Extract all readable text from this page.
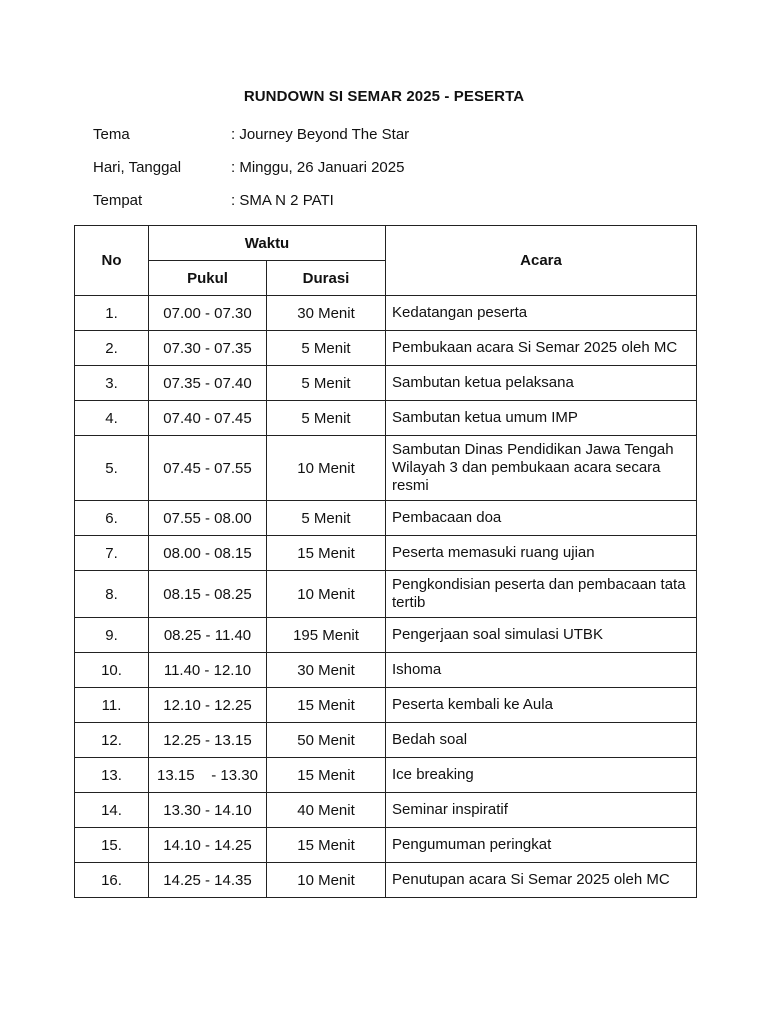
RUNDOWN SI SEMAR 2025 - PESERTA
Tema	: Journey Beyond The Star
Hari, Tanggal	: Minggu, 26 Januari 2025
Tempat	: SMA N 2 PATI
No	Waktu		Acara
	Pukul	Durasi	
1.	07.00 - 07.30	30 Menit	Kedatangan peserta
2.	07.30 - 07.35	5 Menit	Pembukaan acara Si Semar 2025 oleh MC
3.	07.35 - 07.40	5 Menit	Sambutan ketua pelaksana
4.	07.40 - 07.45	5 Menit	Sambutan ketua umum IMP
5.	07.45 - 07.55	10 Menit	Sambutan Dinas Pendidikan Jawa Tengah Wilayah 3 dan pembukaan acara secara resmi
6.	07.55 - 08.00	5 Menit	Pembacaan doa
7.	08.00 - 08.15	15 Menit	Peserta memasuki ruang ujian
8.	08.15 - 08.25	10 Menit	Pengkondisian peserta dan pembacaan tata tertib
9.	08.25 - 11.40	195 Menit	Pengerjaan soal simulasi UTBK
10.	11.40 - 12.10	30 Menit	Ishoma
11.	12.10 - 12.25	15 Menit	Peserta kembali ke Aula
12.	12.25 - 13.15	50 Menit	Bedah soal
13.	13.15    - 13.30	15 Menit	Ice breaking
14.	13.30 - 14.10	40 Menit	Seminar inspiratif
15.	14.10 - 14.25	15 Menit	Pengumuman peringkat
16.	14.25 - 14.35	10 Menit	Penutupan acara Si Semar 2025 oleh MC
